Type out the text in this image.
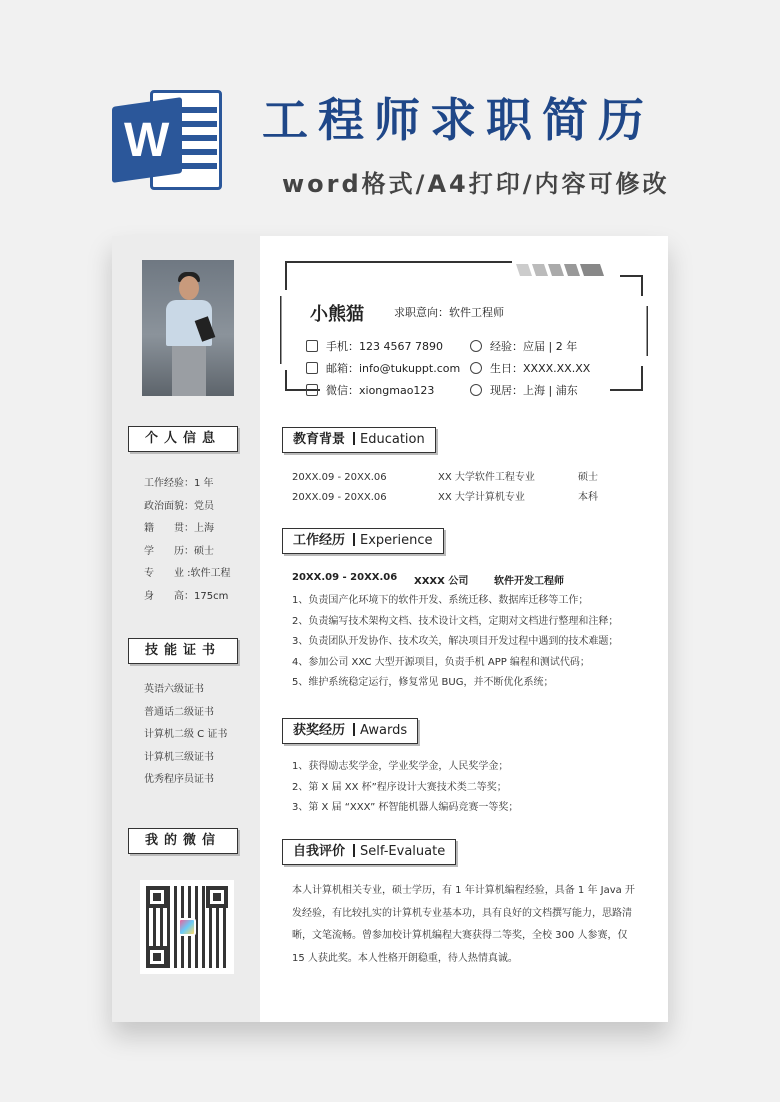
W 工程师求职简历
word格式/A4打印/内容可修改
个人信息
工作经验：1 年
政治面貌：党员
籍　　贯：上海
学　　历：硕士
专　　业 :软件工程
身　　高：175cm
技能证书
英语六级证书
普通话二级证书
计算机二级 C 证书
计算机三级证书
优秀程序员证书
我的微信
小熊猫	求职意向：软件工程师
手机：123 4567 7890
邮箱：info@tukuppt.com
微信：xiongmao123
经验：应届 | 2 年
生日：XXXX.XX.XX
现居：上海 | 浦东
教育背景 Education
20XX.09 - 20XX.06	XX 大学软件工程专业	硕士
20XX.09 - 20XX.06	XX 大学计算机专业	本科
工作经历 Experience
20XX.09 - 20XX.06 XXXX 公司	软件开发工程师
1、负责国产化环境下的软件开发、系统迁移、数据库迁移等工作；
2、负责编写技术架构文档、技术设计文档，定期对文档进行整理和注释；
3、负责团队开发协作、技术攻关，解决项目开发过程中遇到的技术难题；
4、参加公司 XXC 大型开源项目，负责手机 APP 编程和测试代码；
5、维护系统稳定运行，修复常见 BUG，并不断优化系统；
获奖经历 Awards
1、获得励志奖学金，学业奖学金，人民奖学金；
2、第 X 届 XX 杯”程序设计大赛技术类二等奖；
3、第 X 届 “XXX” 杯智能机器人编码竞赛一等奖；
自我评价 Self-Evaluate
本人计算机相关专业，硕士学历，有 1 年计算机编程经验，具备 1 年 Java 开发经验，有比较扎实的计算机专业基本功，具有良好的文档撰写能力，思路清晰，文笔流畅。曾参加校计算机编程大赛获得二等奖，全校 300 人参赛，仅 15 人获此奖。本人性格开朗稳重，待人热情真诚。
